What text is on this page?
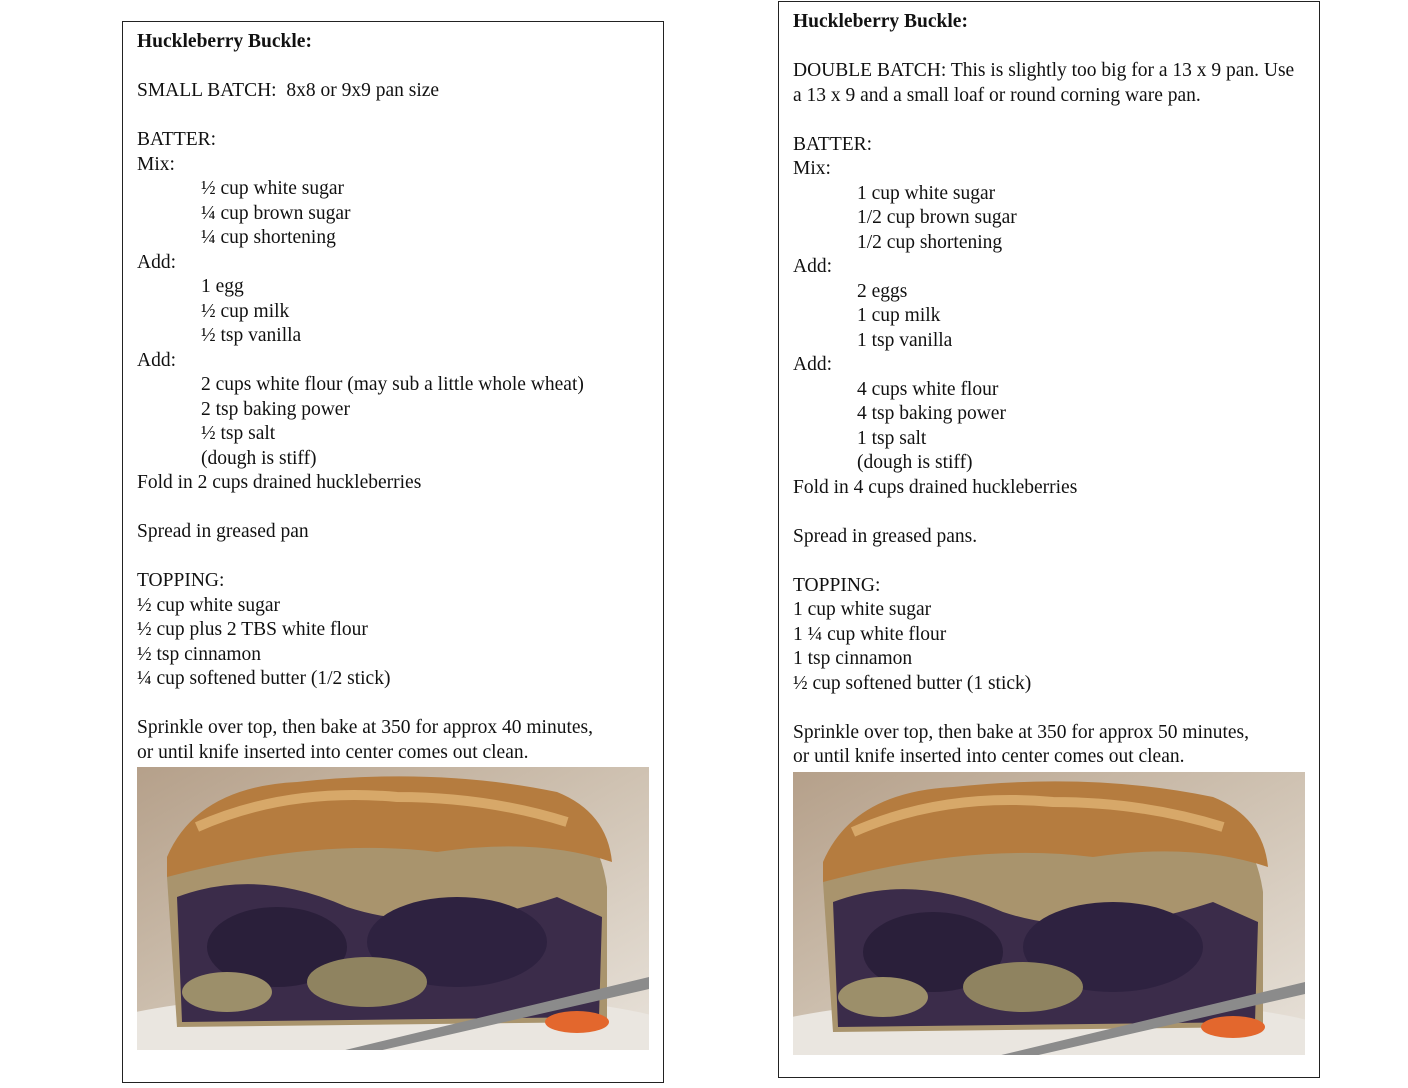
Huckleberry Buckle:
SMALL BATCH:  8x8 or 9x9 pan size
BATTER:
Mix:
½ cup white sugar
¼ cup brown sugar
¼ cup shortening
Add:
1 egg
½ cup milk
½ tsp vanilla
Add:
2 cups white flour (may sub a little whole wheat)
2 tsp baking power
½ tsp salt
(dough is stiff)
Fold in 2 cups drained huckleberries
Spread in greased pan
TOPPING:
½ cup white sugar
½ cup plus 2 TBS white flour
½ tsp cinnamon
¼ cup softened butter (1/2 stick)
Sprinkle over top, then bake at 350 for approx 40 minutes,
or until knife inserted into center comes out clean.
Huckleberry Buckle:
DOUBLE BATCH: This is slightly too big for a 13 x 9 pan. Use a 13 x 9 and a small loaf or round corning ware pan.
BATTER:
Mix:
1 cup white sugar
1/2 cup brown sugar
1/2 cup shortening
Add:
2 eggs
1 cup milk
1 tsp vanilla
Add:
4 cups white flour
4 tsp baking power
1 tsp salt
(dough is stiff)
Fold in 4 cups drained huckleberries
Spread in greased pans.
TOPPING:
1 cup white sugar
1 ¼ cup white flour
1 tsp cinnamon
½ cup softened butter (1 stick)
Sprinkle over top, then bake at 350 for approx 50 minutes,
or until knife inserted into center comes out clean.
